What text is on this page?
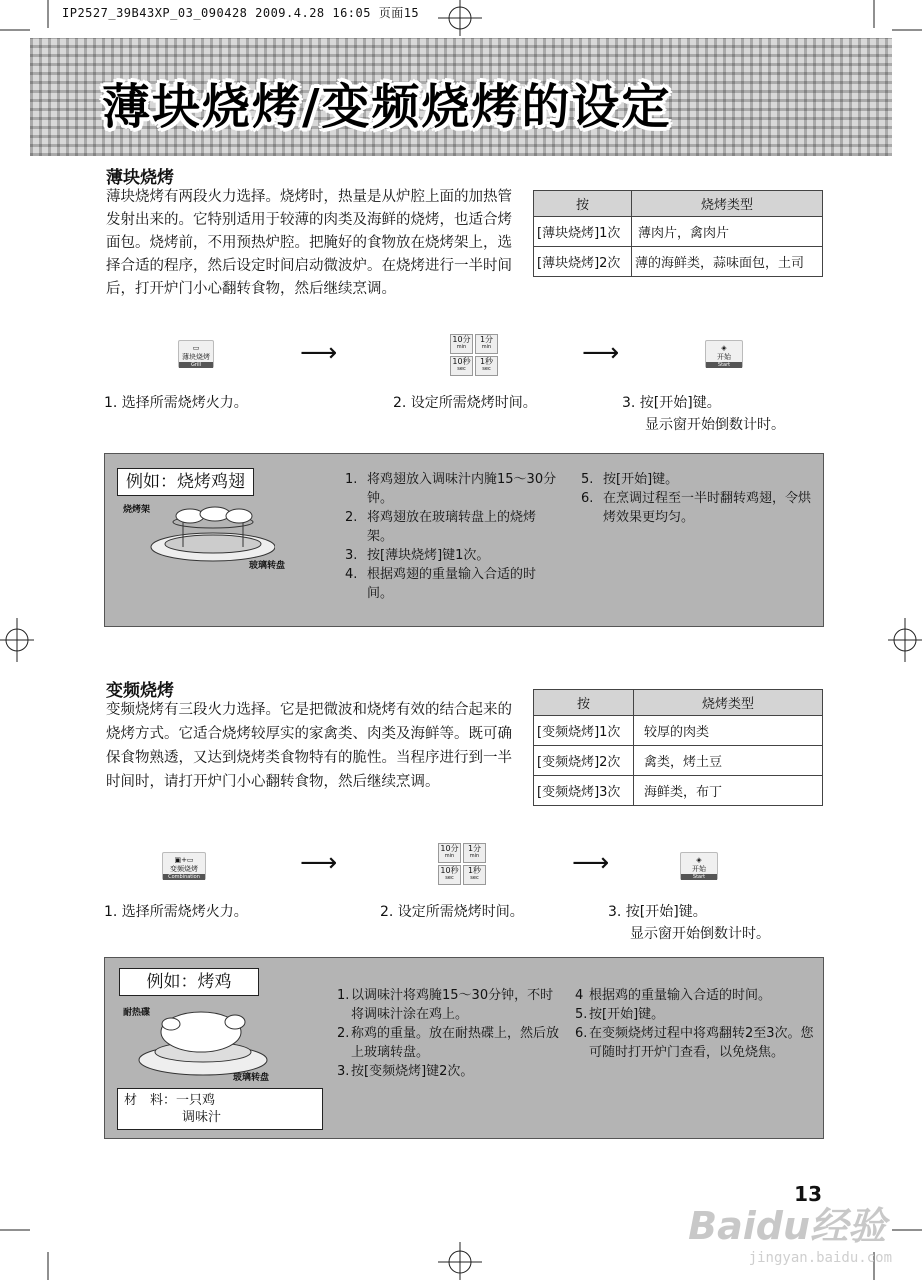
IP2527_39B43XP_03_090428 2009.4.28 16:05 页面15
薄块烧烤/变频烧烤的设定
薄块烧烤
薄块烧烤有两段火力选择。烧烤时，热量是从炉腔上面的加热管发射出来的。它特别适用于较薄的肉类及海鲜的烧烤，也适合烤面包。烧烤前，不用预热炉腔。把腌好的食物放在烧烤架上，选择合适的程序，然后设定时间启动微波炉。在烧烤进行一半时间后，打开炉门小心翻转食物，然后继续烹调。
按	烧烤类型
[薄块烧烤]1次	薄肉片，禽肉片
[薄块烧烤]2次	薄的海鲜类，蒜味面包，土司
▭
薄块烧烤
Grill	⟶	10分
min
1分
min
10秒
sec
1秒
sec
⟶	◈
开始
Start
1. 选择所需烧烤火力。	2. 设定所需烧烤时间。	3. 按[开始]键。
显示窗开始倒数计时。
例如：烧烤鸡翅
烧烤架
玻璃转盘
1. 将鸡翅放入调味汁内腌15～30分钟。
2. 将鸡翅放在玻璃转盘上的烧烤架。
3. 按[薄块烧烤]键1次。
4. 根据鸡翅的重量输入合适的时间。
5. 按[开始]键。
6. 在烹调过程至一半时翻转鸡翅，令烘烤效果更均匀。
变频烧烤
变频烧烤有三段火力选择。它是把微波和烧烤有效的结合起来的烧烤方式。它适合烧烤较厚实的家禽类、肉类及海鲜等。既可确保食物熟透，又达到烧烤类食物特有的脆性。当程序进行到一半时间时，请打开炉门小心翻转食物，然后继续烹调。
按	烧烤类型
[变频烧烤]1次	较厚的肉类
[变频烧烤]2次	禽类，烤土豆
[变频烧烤]3次	海鲜类，布丁
▣+▭
变频烧烤
Combination	⟶	10分
min
1分
min
10秒
sec
1秒
sec	⟶	◈
开始
Start
1. 选择所需烧烤火力。	2. 设定所需烧烤时间。	3. 按[开始]键。
显示窗开始倒数计时。
例如：烤鸡
耐热碟
玻璃转盘
材　料：一只鸡
调味汁
1. 以调味汁将鸡腌15～30分钟，不时将调味汁涂在鸡上。
2. 称鸡的重量。放在耐热碟上，然后放上玻璃转盘。
3. 按[变频烧烤]键2次。
4 根据鸡的重量输入合适的时间。
5. 按[开始]键。
6. 在变频烧烤过程中将鸡翻转2至3次。您可随时打开炉门查看，以免烧焦。
Baidu经验
jingyan.baidu.com
13
